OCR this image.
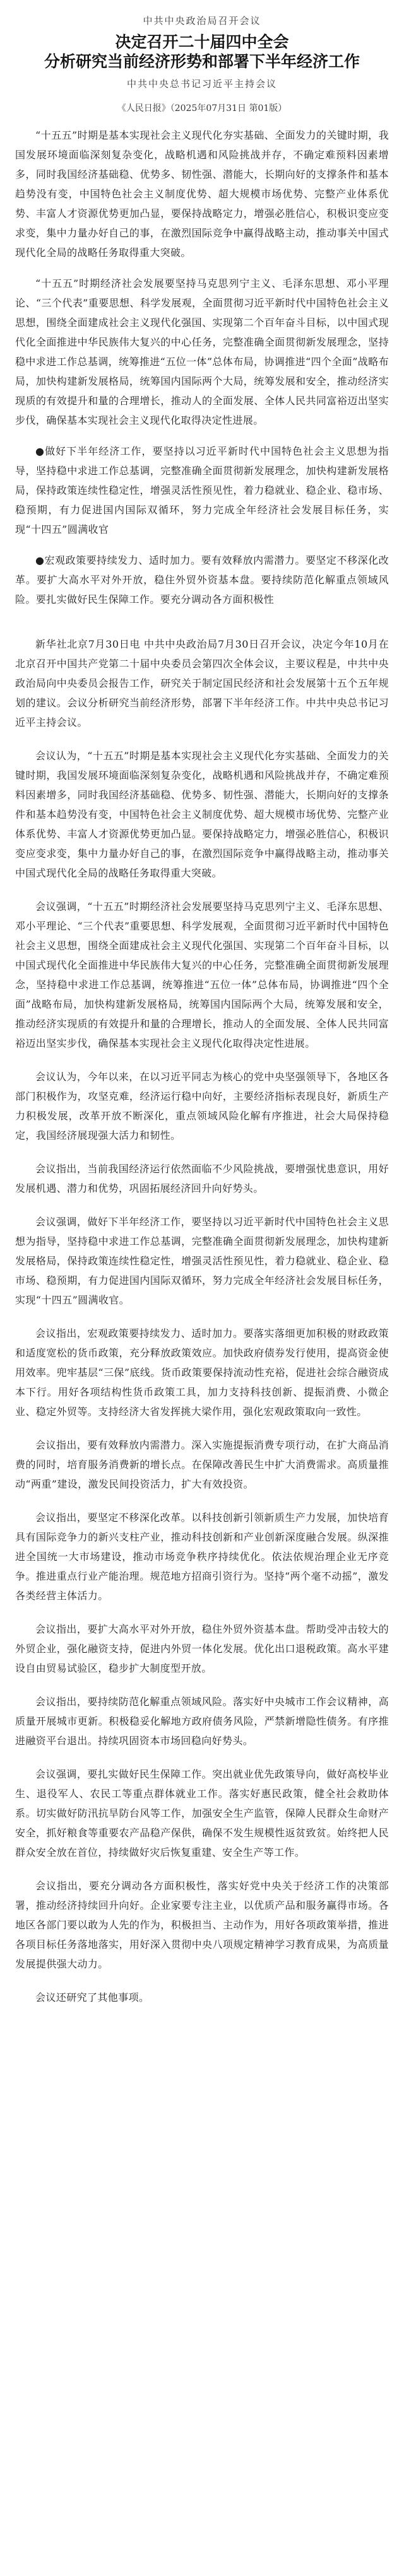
中共中央政治局召开会议
决定召开二十届四中全会
分析研究当前经济形势和部署下半年经济工作
中共中央总书记习近平主持会议
《人民日报》（2025年07月31日 第01版）

“十五五”时期是基本实现社会主义现代化夯实基础、全面发力的关键时期，我国发展环境面临深刻复杂变化，战略机遇和风险挑战并存，不确定难预料因素增多，同时我国经济基础稳、优势多、韧性强、潜能大，长期向好的支撑条件和基本趋势没有变，中国特色社会主义制度优势、超大规模市场优势、完整产业体系优势、丰富人才资源优势更加凸显，要保持战略定力，增强必胜信心，积极识变应变求变，集中力量办好自己的事，在激烈国际竞争中赢得战略主动，推动事关中国式现代化全局的战略任务取得重大突破。

“十五五”时期经济社会发展要坚持马克思列宁主义、毛泽东思想、邓小平理论、“三个代表”重要思想、科学发展观，全面贯彻习近平新时代中国特色社会主义思想，围绕全面建成社会主义现代化强国、实现第二个百年奋斗目标，以中国式现代化全面推进中华民族伟大复兴的中心任务，完整准确全面贯彻新发展理念，坚持稳中求进工作总基调，统筹推进“五位一体”总体布局，协调推进“四个全面”战略布局，加快构建新发展格局，统筹国内国际两个大局，统筹发展和安全，推动经济实现质的有效提升和量的合理增长，推动人的全面发展、全体人民共同富裕迈出坚实步伐，确保基本实现社会主义现代化取得决定性进展。

●做好下半年经济工作，要坚持以习近平新时代中国特色社会主义思想为指导，坚持稳中求进工作总基调，完整准确全面贯彻新发展理念，加快构建新发展格局，保持政策连续性稳定性，增强灵活性预见性，着力稳就业、稳企业、稳市场、稳预期，有力促进国内国际双循环，努力完成全年经济社会发展目标任务，实现“十四五”圆满收官

●宏观政策要持续发力、适时加力。要有效释放内需潜力。要坚定不移深化改革。要扩大高水平对外开放，稳住外贸外资基本盘。要持续防范化解重点领域风险。要扎实做好民生保障工作。要充分调动各方面积极性

新华社北京7月30日电 中共中央政治局7月30日召开会议，决定今年10月在北京召开中国共产党第二十届中央委员会第四次全体会议，主要议程是，中共中央政治局向中央委员会报告工作，研究关于制定国民经济和社会发展第十五个五年规划的建议。会议分析研究当前经济形势，部署下半年经济工作。中共中央总书记习近平主持会议。

会议认为，“十五五”时期是基本实现社会主义现代化夯实基础、全面发力的关键时期，我国发展环境面临深刻复杂变化，战略机遇和风险挑战并存，不确定难预料因素增多，同时我国经济基础稳、优势多、韧性强、潜能大，长期向好的支撑条件和基本趋势没有变，中国特色社会主义制度优势、超大规模市场优势、完整产业体系优势、丰富人才资源优势更加凸显。要保持战略定力，增强必胜信心，积极识变应变求变，集中力量办好自己的事，在激烈国际竞争中赢得战略主动，推动事关中国式现代化全局的战略任务取得重大突破。

会议强调，“十五五”时期经济社会发展要坚持马克思列宁主义、毛泽东思想、邓小平理论、“三个代表”重要思想、科学发展观，全面贯彻习近平新时代中国特色社会主义思想，围绕全面建成社会主义现代化强国、实现第二个百年奋斗目标，以中国式现代化全面推进中华民族伟大复兴的中心任务，完整准确全面贯彻新发展理念，坚持稳中求进工作总基调，统筹推进“五位一体”总体布局，协调推进“四个全面”战略布局，加快构建新发展格局，统筹国内国际两个大局，统筹发展和安全，推动经济实现质的有效提升和量的合理增长，推动人的全面发展、全体人民共同富裕迈出坚实步伐，确保基本实现社会主义现代化取得决定性进展。

会议认为，今年以来，在以习近平同志为核心的党中央坚强领导下，各地区各部门积极作为，攻坚克难，经济运行稳中向好，主要经济指标表现良好，新质生产力积极发展，改革开放不断深化，重点领域风险化解有序推进，社会大局保持稳定，我国经济展现强大活力和韧性。

会议指出，当前我国经济运行依然面临不少风险挑战，要增强忧患意识，用好发展机遇、潜力和优势，巩固拓展经济回升向好势头。

会议强调，做好下半年经济工作，要坚持以习近平新时代中国特色社会主义思想为指导，坚持稳中求进工作总基调，完整准确全面贯彻新发展理念，加快构建新发展格局，保持政策连续性稳定性，增强灵活性预见性，着力稳就业、稳企业、稳市场、稳预期，有力促进国内国际双循环，努力完成全年经济社会发展目标任务，实现“十四五”圆满收官。

会议指出，宏观政策要持续发力、适时加力。要落实落细更加积极的财政政策和适度宽松的货币政策，充分释放政策效应。加快政府债券发行使用，提高资金使用效率。兜牢基层“三保”底线。货币政策要保持流动性充裕，促进社会综合融资成本下行。用好各项结构性货币政策工具，加力支持科技创新、提振消费、小微企业、稳定外贸等。支持经济大省发挥挑大梁作用，强化宏观政策取向一致性。

会议指出，要有效释放内需潜力。深入实施提振消费专项行动，在扩大商品消费的同时，培育服务消费新的增长点。在保障改善民生中扩大消费需求。高质量推动“两重”建设，激发民间投资活力，扩大有效投资。

会议指出，要坚定不移深化改革。以科技创新引领新质生产力发展，加快培育具有国际竞争力的新兴支柱产业，推动科技创新和产业创新深度融合发展。纵深推进全国统一大市场建设，推动市场竞争秩序持续优化。依法依规治理企业无序竞争。推进重点行业产能治理。规范地方招商引资行为。坚持“两个毫不动摇”，激发各类经营主体活力。

会议指出，要扩大高水平对外开放，稳住外贸外资基本盘。帮助受冲击较大的外贸企业，强化融资支持，促进内外贸一体化发展。优化出口退税政策。高水平建设自由贸易试验区，稳步扩大制度型开放。

会议指出，要持续防范化解重点领域风险。落实好中央城市工作会议精神，高质量开展城市更新。积极稳妥化解地方政府债务风险，严禁新增隐性债务。有序推进融资平台退出。持续巩固资本市场回稳向好势头。

会议强调，要扎实做好民生保障工作。突出就业优先政策导向，做好高校毕业生、退役军人、农民工等重点群体就业工作。落实好惠民政策，健全社会救助体系。切实做好防汛抗旱防台风等工作，加强安全生产监管，保障人民群众生命财产安全，抓好粮食等重要农产品稳产保供，确保不发生规模性返贫致贫。始终把人民群众安全放在首位，持续做好灾后恢复重建、安全生产等工作。

会议指出，要充分调动各方面积极性，落实好党中央关于经济工作的决策部署，推动经济持续回升向好。企业家要专注主业，以优质产品和服务赢得市场。各地区各部门要以敢为人先的作为，积极担当、主动作为，用好各项政策举措，推进各项目标任务落地落实，用好深入贯彻中央八项规定精神学习教育成果，为高质量发展提供强大动力。

会议还研究了其他事项。
